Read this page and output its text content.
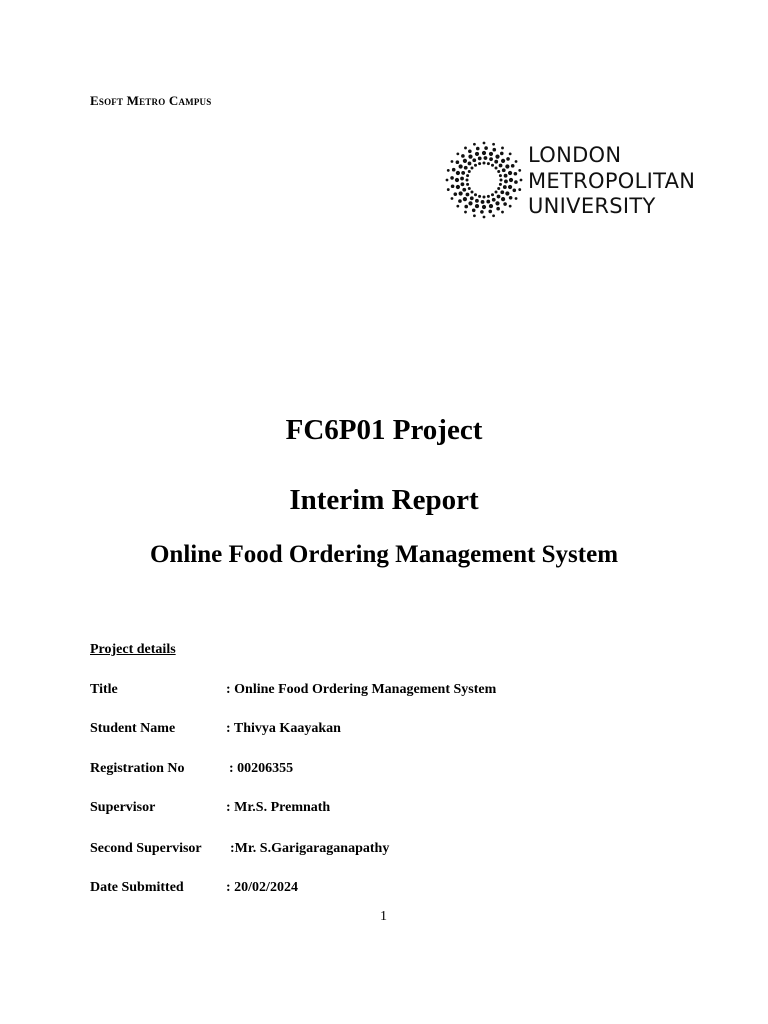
Esoft Metro Campus
LONDON
METROPOLITAN
UNIVERSITY
FC6P01 Project
Interim Report
Online Food Ordering Management System
Project details
Title	: Online Food Ordering Management System
Student Name	: Thivya Kaayakan
Registration No	: 00206355
Supervisor	: Mr.S. Premnath
Second Supervisor :Mr. S.Garigaraganapathy
Date Submitted	: 20/02/2024
1
